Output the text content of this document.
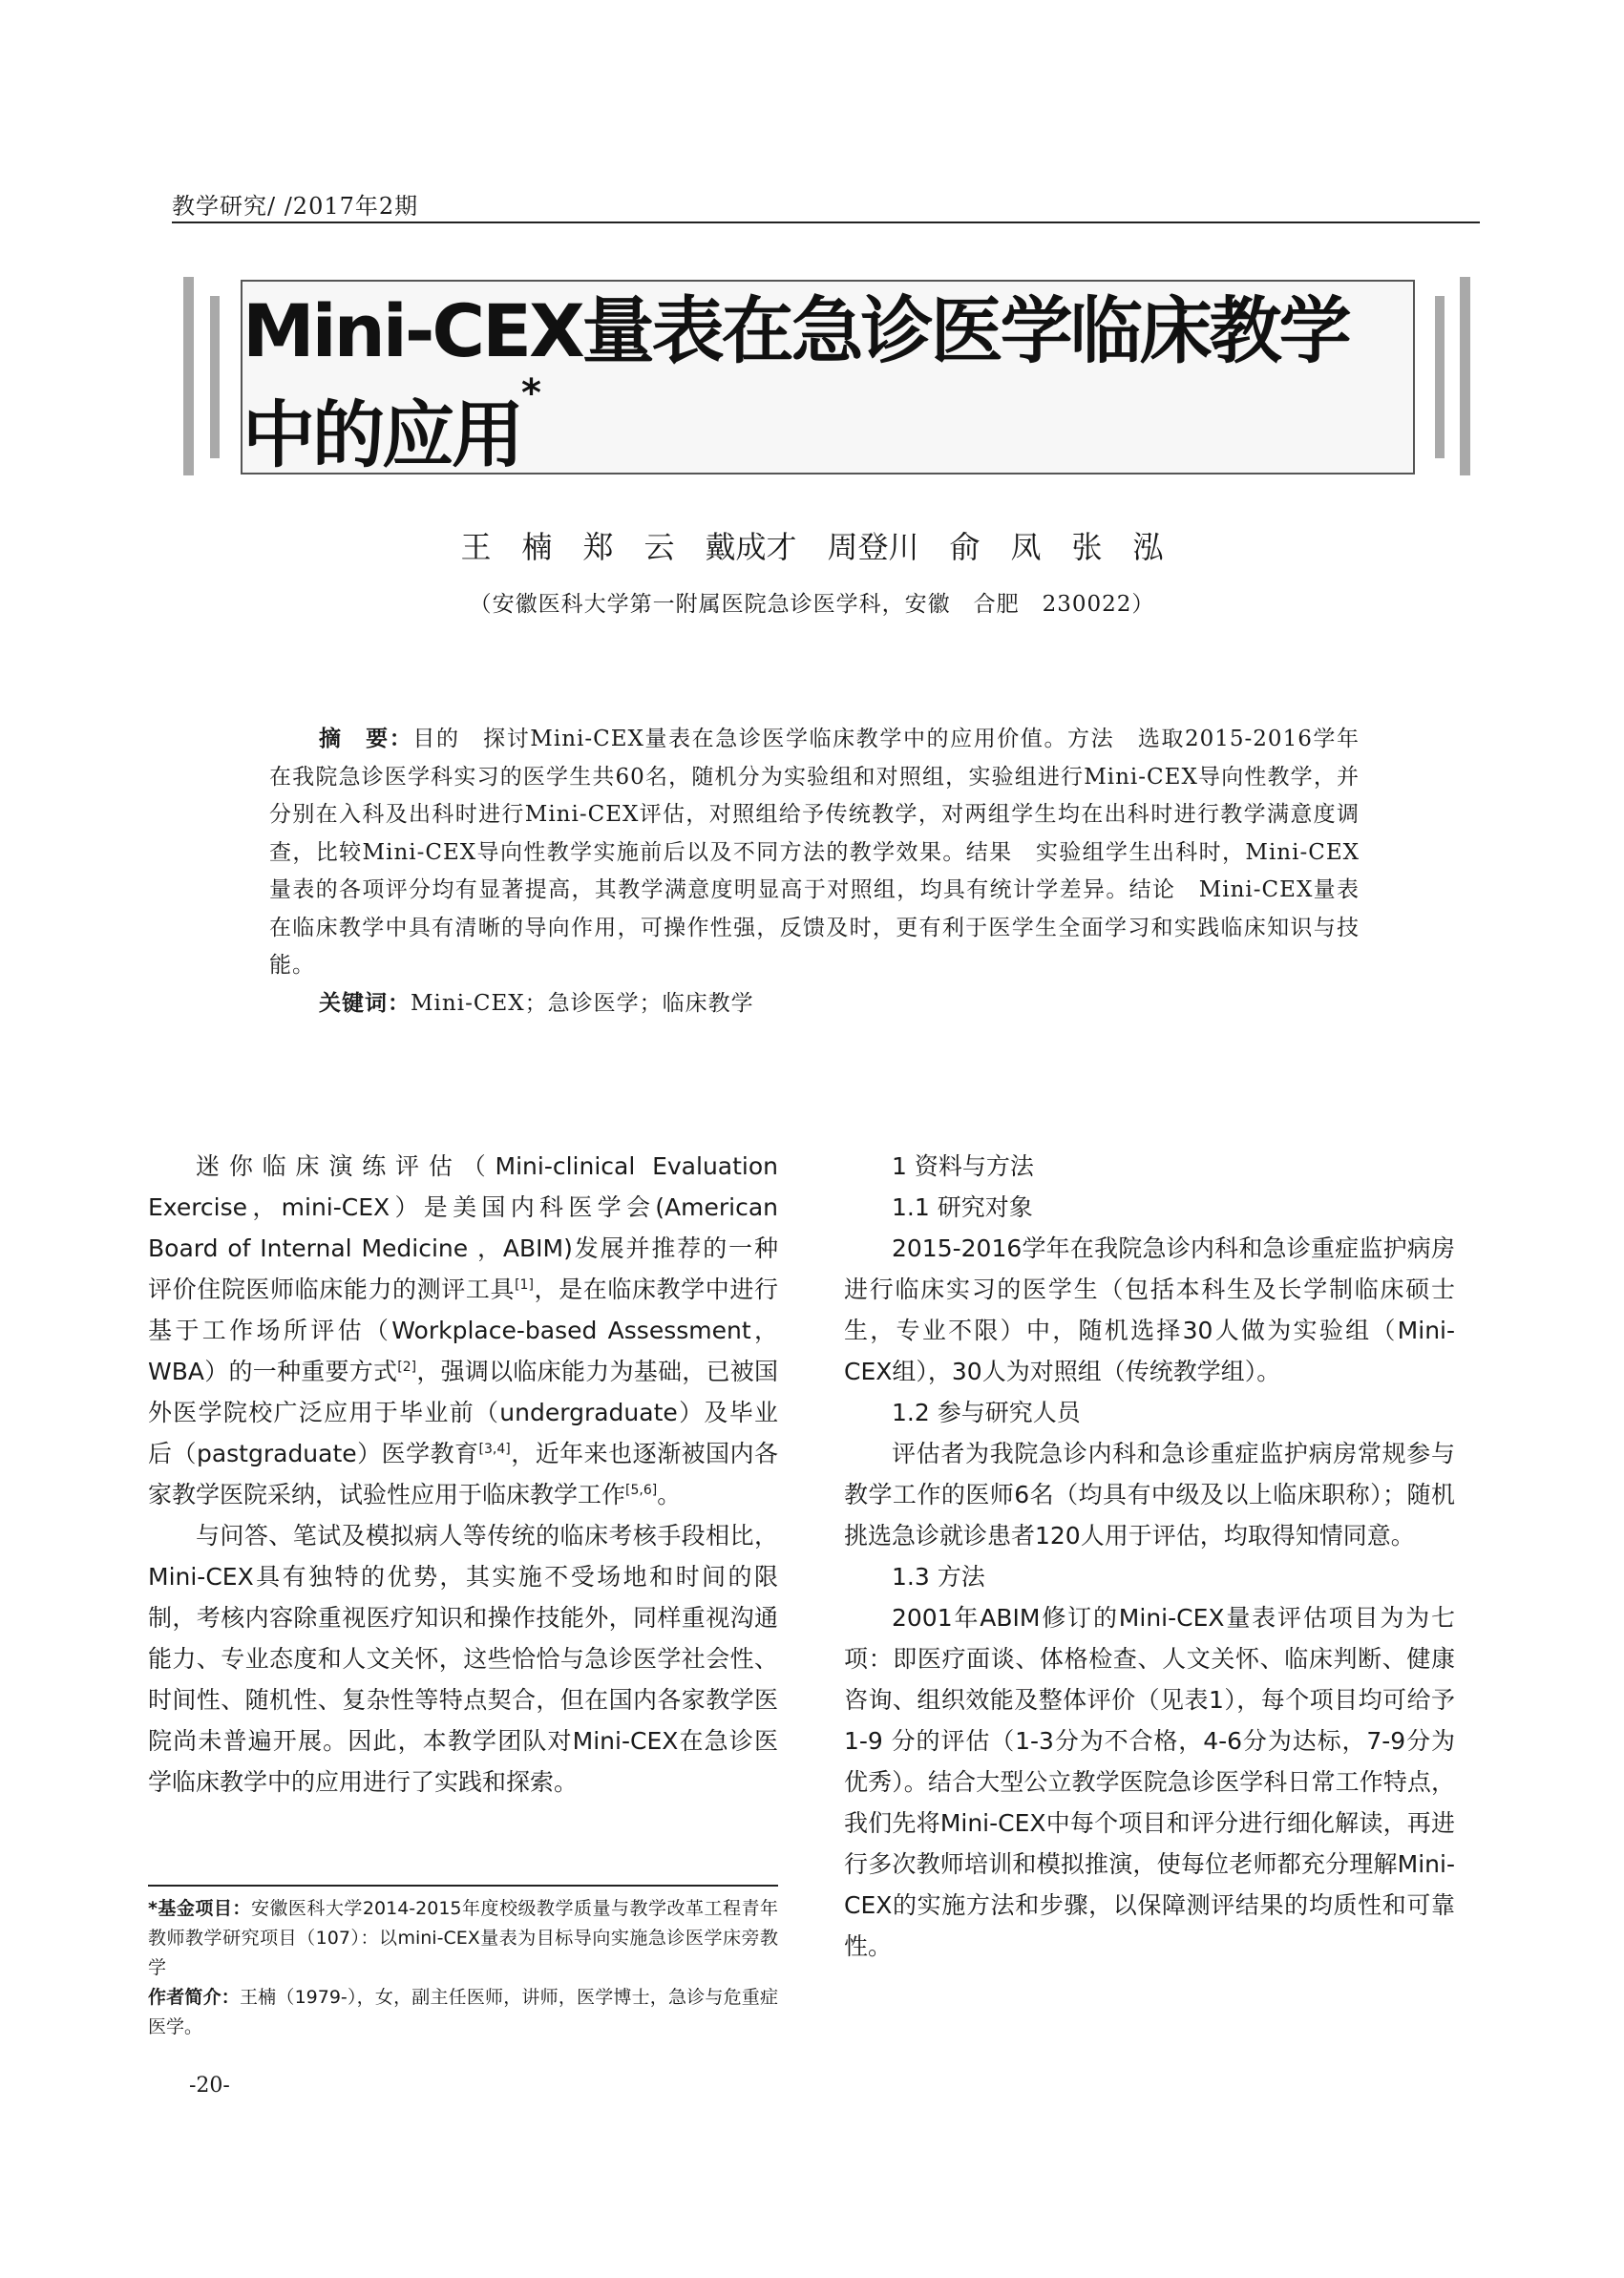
教学研究/ /2017年2期
Mini-CEX量表在急诊医学临床教学中的应用*
王　楠　郑　云　戴成才　周登川　俞　凤　张　泓
（安徽医科大学第一附属医院急诊医学科，安徽　合肥　230022）

摘　要：目的　探讨Mini-CEX量表在急诊医学临床教学中的应用价值。方法　选取2015-2016学年在我院急诊医学科实习的医学生共60名，随机分为实验组和对照组，实验组进行Mini-CEX导向性教学，并分别在入科及出科时进行Mini-CEX评估，对照组给予传统教学，对两组学生均在出科时进行教学满意度调查，比较Mini-CEX导向性教学实施前后以及不同方法的教学效果。结果　实验组学生出科时，Mini-CEX量表的各项评分均有显著提高，其教学满意度明显高于对照组，均具有统计学差异。结论　Mini-CEX量表在临床教学中具有清晰的导向作用，可操作性强，反馈及时，更有利于医学生全面学习和实践临床知识与技能。

关键词：Mini-CEX；急诊医学；临床教学

迷你临床演练评估（Mini-clinical Evaluation Exercise，mini-CEX）是美国内科医学会(American Board of Internal Medicine ，ABIM)发展并推荐的一种评价住院医师临床能力的测评工具[1]，是在临床教学中进行基于工作场所评估（Workplace-based Assessment，WBA）的一种重要方式[2]，强调以临床能力为基础，已被国外医学院校广泛应用于毕业前（undergraduate）及毕业后（pastgraduate）医学教育[3,4]，近年来也逐渐被国内各家教学医院采纳，试验性应用于临床教学工作[5,6]。

与问答、笔试及模拟病人等传统的临床考核手段相比，Mini-CEX具有独特的优势，其实施不受场地和时间的限制，考核内容除重视医疗知识和操作技能外，同样重视沟通能力、专业态度和人文关怀，这些恰恰与急诊医学社会性、时间性、随机性、复杂性等特点契合，但在国内各家教学医院尚未普遍开展。因此，本教学团队对Mini-CEX在急诊医学临床教学中的应用进行了实践和探索。

*基金项目：安徽医科大学2014-2015年度校级教学质量与教学改革工程青年教师教学研究项目（107）：以mini-CEX量表为目标导向实施急诊医学床旁教学

作者简介：王楠（1979-），女，副主任医师，讲师，医学博士，急诊与危重症医学。

1 资料与方法

1.1 研究对象

2015-2016学年在我院急诊内科和急诊重症监护病房进行临床实习的医学生（包括本科生及长学制临床硕士生，专业不限）中，随机选择30人做为实验组（Mini-CEX组），30人为对照组（传统教学组）。

1.2 参与研究人员

评估者为我院急诊内科和急诊重症监护病房常规参与教学工作的医师6名（均具有中级及以上临床职称）；随机挑选急诊就诊患者120人用于评估，均取得知情同意。

1.3 方法

2001年ABIM修订的Mini-CEX量表评估项目为为七项：即医疗面谈、体格检查、人文关怀、临床判断、健康咨询、组织效能及整体评价（见表1），每个项目均可给予1-9 分的评估（1-3分为不合格，4-6分为达标，7-9分为优秀）。结合大型公立教学医院急诊医学科日常工作特点，我们先将Mini-CEX中每个项目和评分进行细化解读，再进行多次教师培训和模拟推演，使每位老师都充分理解Mini-CEX的实施方法和步骤，以保障测评结果的均质性和可靠性。

-20-
